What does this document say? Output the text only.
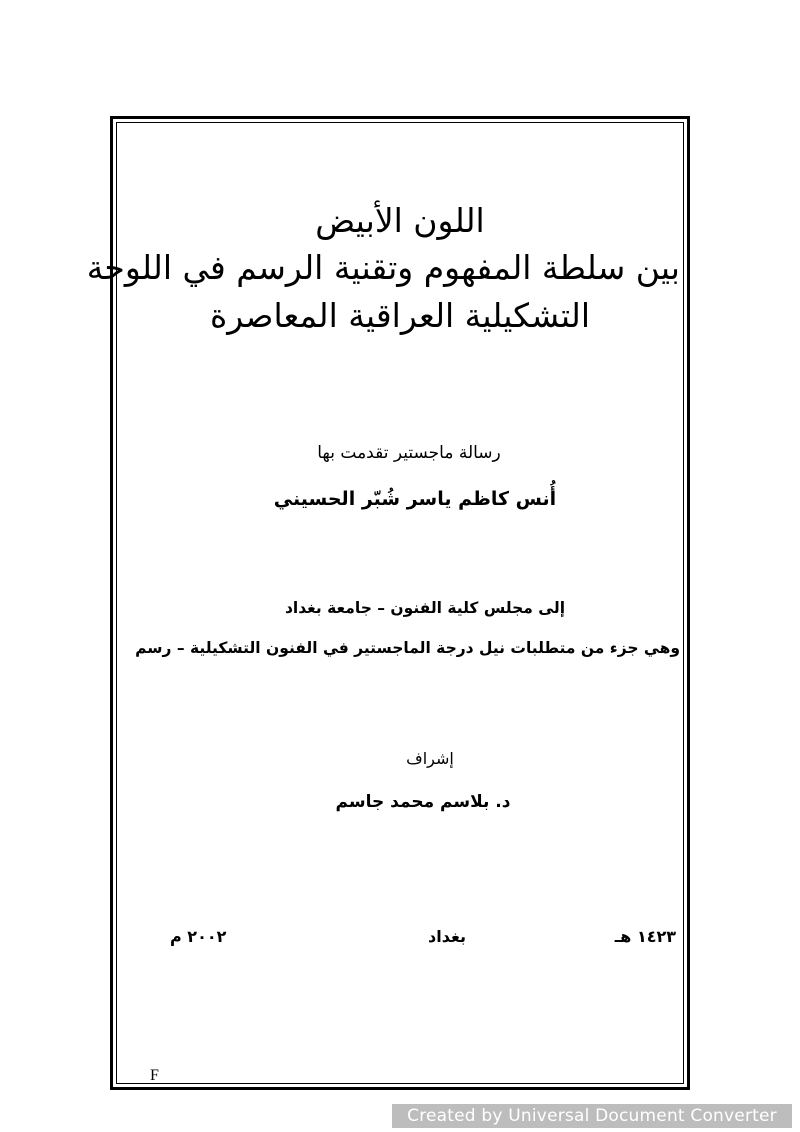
اللون الأبيض
بين سلطة المفهوم وتقنية الرسم في اللوحة
التشكيلية العراقية المعاصرة
رسالة ماجستير تقدمت بها
أُنس كاظم ياسر شُبّر الحسيني
إلى مجلس كلية الفنون – جامعة بغداد
وهي جزء من متطلبات نيل درجة الماجستير في الفنون التشكيلية – رسم
إشراف
د. بلاسم محمد جاسم
١٤٢٣ هـ
بغداد
٢٠٠٢ م
F
Created by Universal Document Converter
